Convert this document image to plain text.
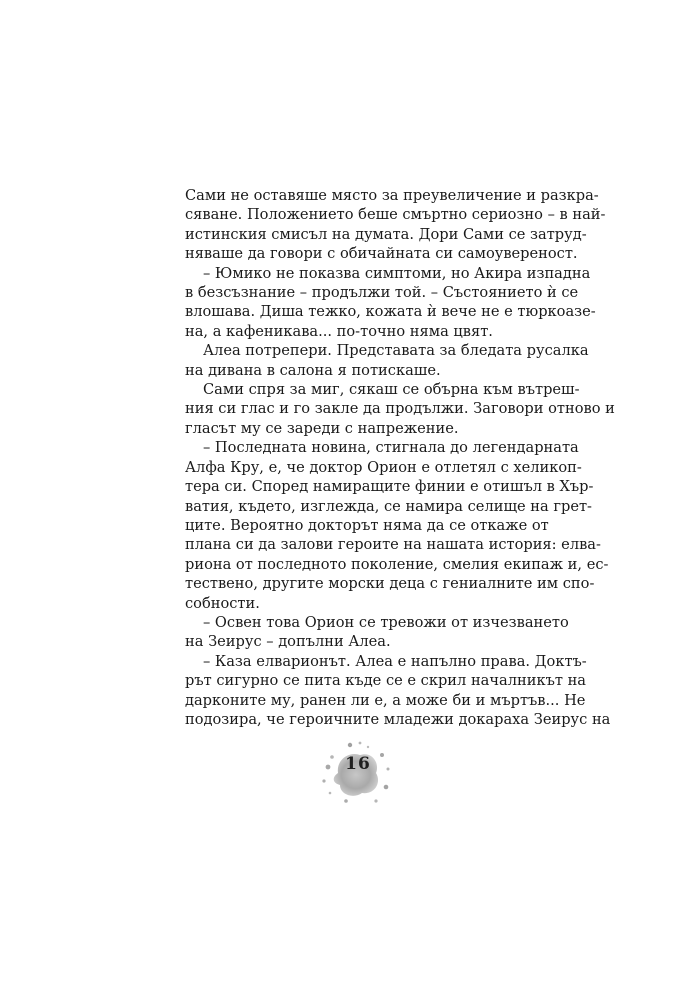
Сами не оставяше място за преувеличение и разкра-
сяване. Положението беше смъртно сериозно – в най-
истинския смисъл на думата. Дори Сами се затруд-
няваше да говори с обичайната си самоувереност.
– Юмико не показва симптоми, но Акира изпадна
в безсъзнание – продължи той. – Състоянието ѝ се
влошава. Диша тежко, кожата ѝ вече не е тюркоазе-
на, а кафеникава... по-точно няма цвят.
Алеа потрепери. Представата за бледата русалка
на дивана в салона я потискаше.
Сами спря за миг, сякаш се обърна към вътреш-
ния си глас и го закле да продължи. Заговори отново и
гласът му се зареди с напрежение.
– Последната новина, стигнала до легендарната
Алфа Кру, е, че доктор Орион е отлетял с хеликоп-
тера си. Според намиращите финии е отишъл в Хър-
ватия, където, изглежда, се намира селище на грет-
ците. Вероятно докторът няма да се откаже от
плана си да залови героите на нашата история: елва-
риона от последното поколение, смелия екипаж и, ес-
тествено, другите морски деца с гениалните им спо-
собности.
– Освен това Орион се тревожи от изчезването
на Зеирус – допълни Алеа.
– Каза елварионът. Алеа е напълно права. Доктъ-
рът сигурно се пита къде се е скрил началникът на
дарконите му, ранен ли е, а може би и мъртъв... Не
подозира, че героичните младежи докараха Зеирус на
16
